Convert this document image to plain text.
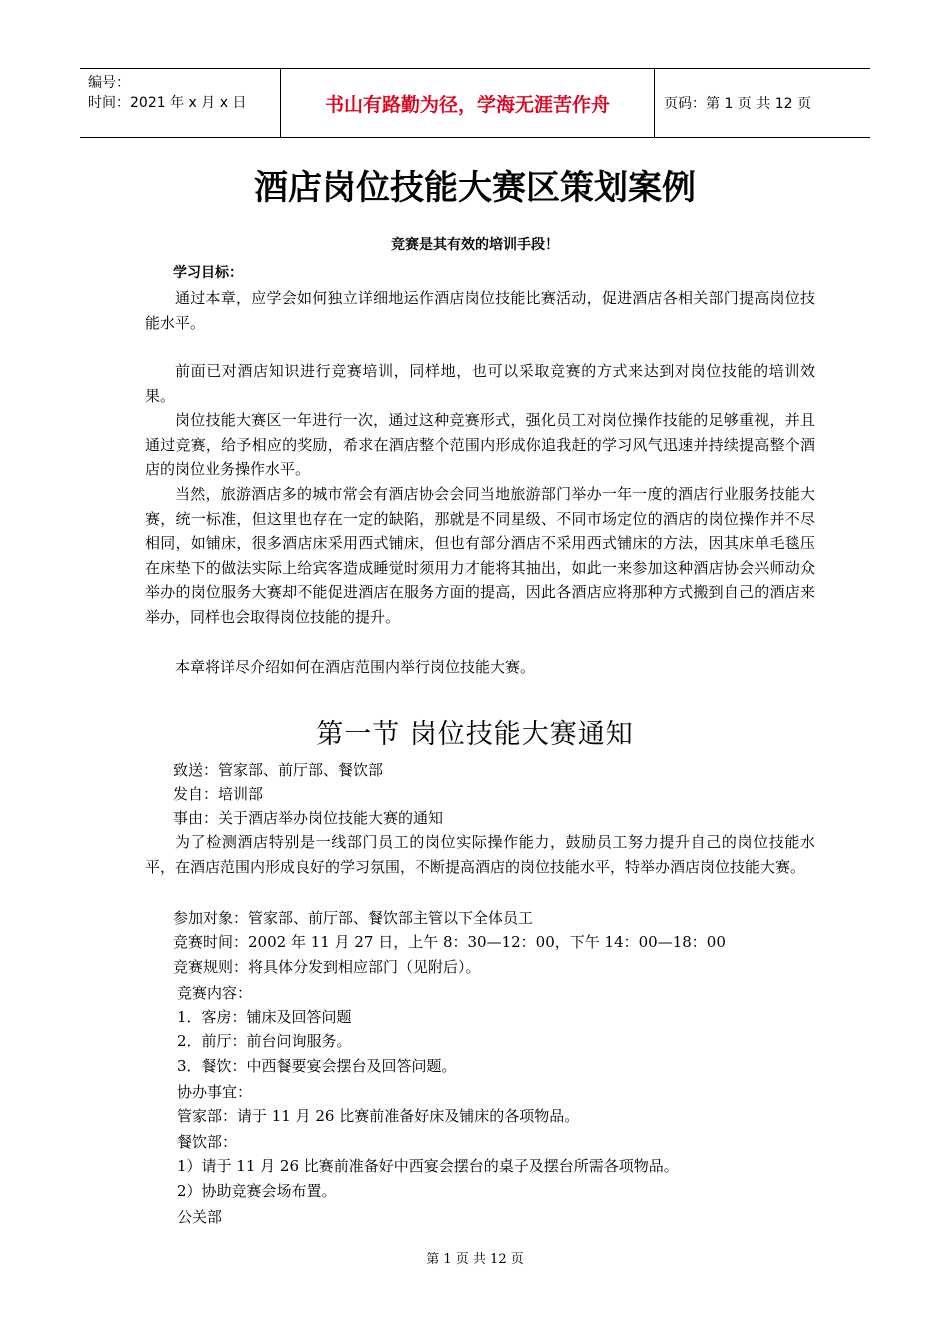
编号：
时间：2021 年 x 月 x 日	书山有路勤为径，学海无涯苦作舟	页码：第 1 页 共 12 页
酒店岗位技能大赛区策划案例
竞赛是其有效的培训手段！
学习目标：
通过本章，应学会如何独立详细地运作酒店岗位技能比赛活动，促进酒店各相关部门提高岗位技能水平。
前面已对酒店知识进行竞赛培训，同样地，也可以采取竞赛的方式来达到对岗位技能的培训效果。
岗位技能大赛区一年进行一次，通过这种竞赛形式，强化员工对岗位操作技能的足够重视，并且通过竞赛，给予相应的奖励，希求在酒店整个范围内形成你追我赶的学习风气迅速并持续提高整个酒店的岗位业务操作水平。
当然，旅游酒店多的城市常会有酒店协会会同当地旅游部门举办一年一度的酒店行业服务技能大赛，统一标准，但这里也存在一定的缺陷，那就是不同星级、不同市场定位的酒店的岗位操作并不尽相同，如铺床，很多酒店床采用西式铺床，但也有部分酒店不采用西式铺床的方法，因其床单毛毯压在床垫下的做法实际上给宾客造成睡觉时须用力才能将其抽出，如此一来参加这种酒店协会兴师动众举办的岗位服务大赛却不能促进酒店在服务方面的提高，因此各酒店应将那种方式搬到自己的酒店来举办，同样也会取得岗位技能的提升。
本章将详尽介绍如何在酒店范围内举行岗位技能大赛。
第一节 岗位技能大赛通知
致送：管家部、前厅部、餐饮部
发自：培训部
事由：关于酒店举办岗位技能大赛的通知
为了检测酒店特别是一线部门员工的岗位实际操作能力，鼓励员工努力提升自己的岗位技能水平，在酒店范围内形成良好的学习氛围，不断提高酒店的岗位技能水平，特举办酒店岗位技能大赛。
参加对象：管家部、前厅部、餐饮部主管以下全体员工
竞赛时间：2002 年 11 月 27 日，上午 8：30—12：00，下午 14：00—18：00
竞赛规则：将具体分发到相应部门（见附后）。
竞赛内容：
1．客房：铺床及回答问题
2．前厅：前台问询服务。
3．餐饮：中西餐要宴会摆台及回答问题。
协办事宜：
管家部：请于 11 月 26 比赛前准备好床及铺床的各项物品。
餐饮部：
1）请于 11 月 26 比赛前准备好中西宴会摆台的桌子及摆台所需各项物品。
2）协助竞赛会场布置。
公关部
第 1 页 共 12 页
